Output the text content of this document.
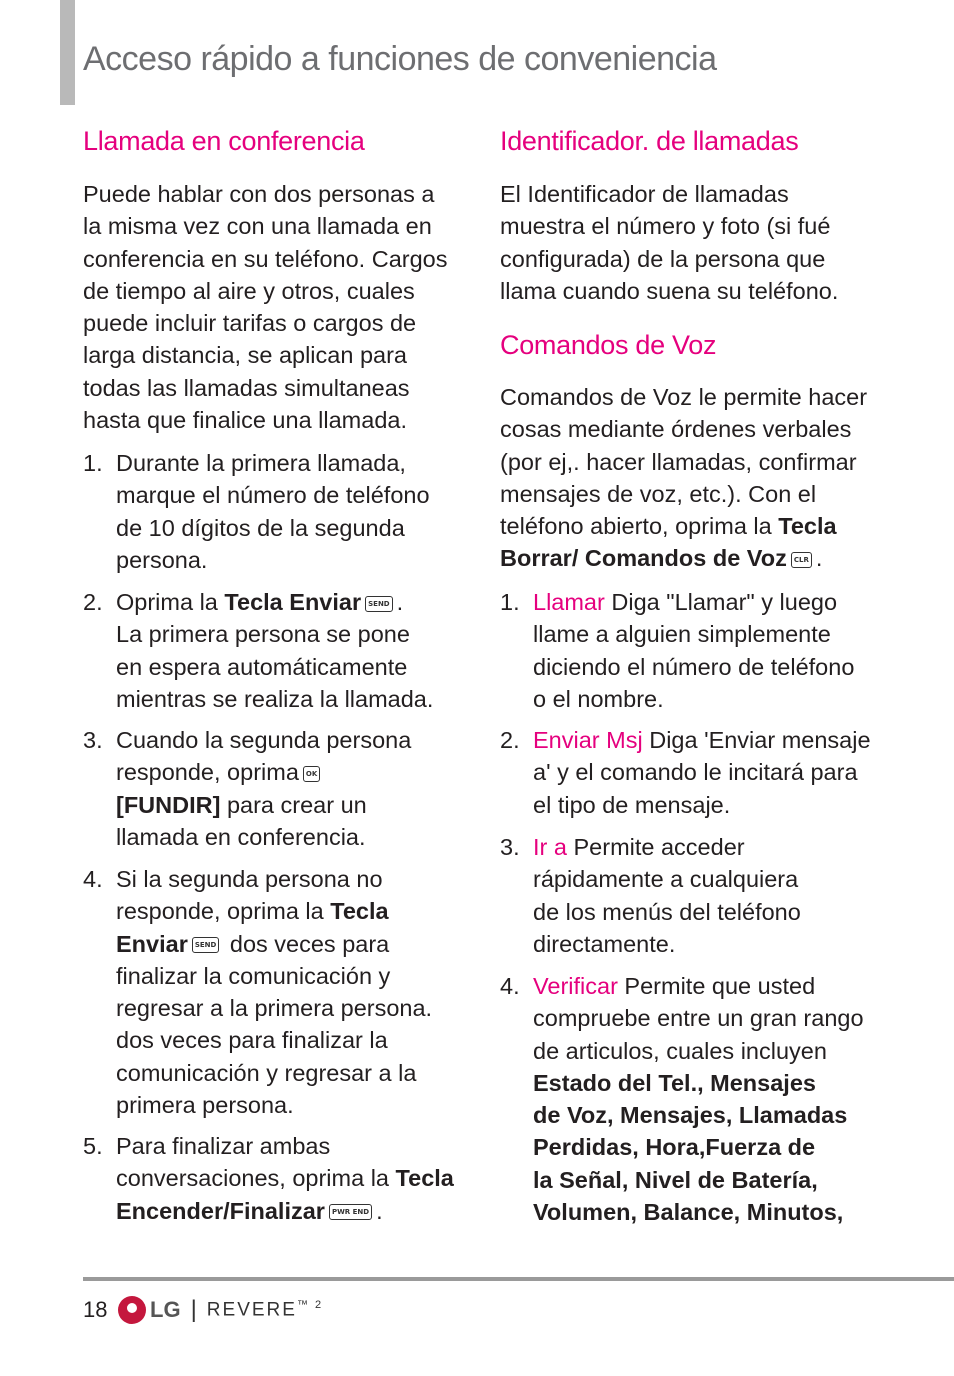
Acceso rápido a funciones de conveniencia
Llamada en conferencia
Puede hablar con dos personas a
la misma vez con una llamada en
conferencia en su teléfono. Cargos
de tiempo al aire y otros, cuales
puede incluir tarifas o cargos de
larga distancia, se aplican para
todas las llamadas simultaneas
hasta que finalice una llamada.
1. Durante la primera llamada,
marque el número de teléfono
de 10 dígitos de la segunda
persona.
2. Oprima la Tecla Enviar SEND .
La primera persona se pone
en espera automáticamente
mientras se realiza la llamada.
3. Cuando la segunda persona
responde, oprima OK
[FUNDIR] para crear un
llamada en conferencia.
4. Si la segunda persona no
responde, oprima la Tecla
Enviar SEND dos veces para
finalizar la comunicación y
regresar a la primera persona.
dos veces para finalizar la
comunicación y regresar a la
primera persona.
5. Para finalizar ambas
conversaciones, oprima la Tecla
Encender/Finalizar PWR END .
Identificador. de llamadas
El Identificador de llamadas
muestra el número y foto (si fué
configurada) de la persona que
llama cuando suena su teléfono.
Comandos de Voz
Comandos de Voz le permite hacer
cosas mediante órdenes verbales
(por ej,. hacer llamadas, confirmar
mensajes de voz, etc.). Con el
teléfono abierto, oprima la Tecla
Borrar/ Comandos de Voz CLR .
1. Llamar Diga "Llamar" y luego
llame a alguien simplemente
diciendo el número de teléfono
o el nombre.
2. Enviar Msj Diga 'Enviar mensaje
a' y el comando le incitará para
el tipo de mensaje.
3. Ir a Permite acceder
rápidamente a cualquiera
de los menús del teléfono
directamente.
4. Verificar Permite que usted
compruebe entre un gran rango
de articulos, cuales incluyen
Estado del Tel., Mensajes
de Voz, Mensajes, Llamadas
Perdidas, Hora,Fuerza de
la Señal, Nivel de Batería,
Volumen, Balance, Minutos,
18 LG | $REVERE^{™ 2}$
